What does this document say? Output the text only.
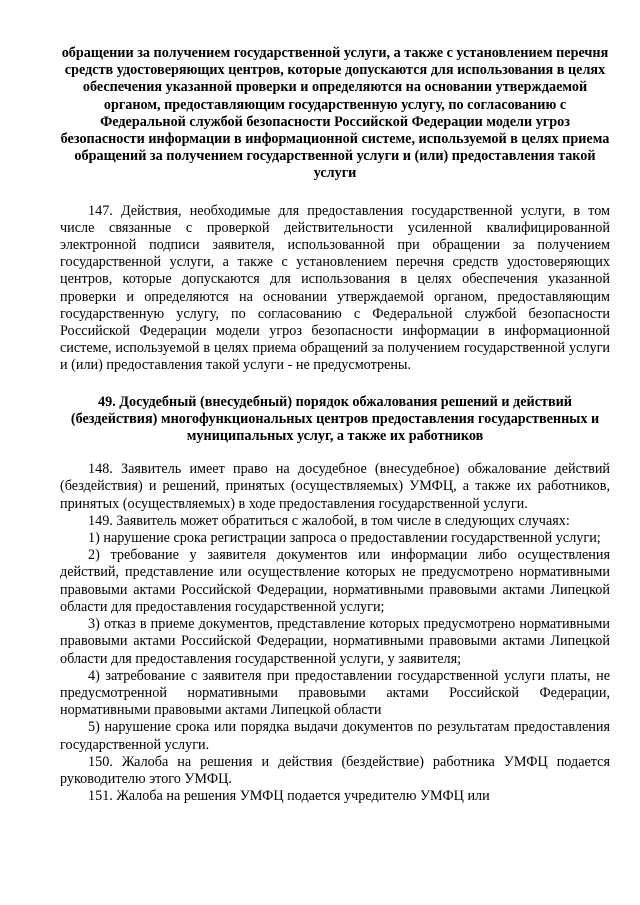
обращении за получением государственной услуги, а также с установлением перечня средств удостоверяющих центров, которые допускаются для использования в целях обеспечения указанной проверки и определяются на основании утверждаемой органом, предоставляющим государственную услугу, по согласованию с Федеральной службой безопасности Российской Федерации модели угроз безопасности информации в информационной системе, используемой в целях приема обращений за получением государственной услуги и (или) предоставления такой услуги

147. Действия, необходимые для предоставления государственной услуги, в том числе связанные с проверкой действительности усиленной квалифицированной электронной подписи заявителя, использованной при обращении за получением государственной услуги, а также с установлением перечня средств удостоверяющих центров, которые допускаются для использования в целях обеспечения указанной проверки и определяются на основании утверждаемой органом, предоставляющим государственную услугу, по согласованию с Федеральной службой безопасности Российской Федерации модели угроз безопасности информации в информационной системе, используемой в целях приема обращений за получением государственной услуги и (или) предоставления такой услуги - не предусмотрены.

49. Досудебный (внесудебный) порядок обжалования решений и действий (бездействия) многофункциональных центров предоставления государственных и муниципальных услуг, а также их работников

148. Заявитель имеет право на досудебное (внесудебное) обжалование действий (бездействия) и решений, принятых (осуществляемых) УМФЦ, а также их работников, принятых (осуществляемых) в ходе предоставления государственной услуги.

149. Заявитель может обратиться с жалобой, в том числе в следующих случаях:

1) нарушение срока регистрации запроса о предоставлении государственной услуги;

2) требование у заявителя документов или информации либо осуществления действий, представление или осуществление которых не предусмотрено нормативными правовыми актами Российской Федерации, нормативными правовыми актами Липецкой области для предоставления государственной услуги;

3) отказ в приеме документов, представление которых предусмотрено нормативными правовыми актами Российской Федерации, нормативными правовыми актами Липецкой области для предоставления государственной услуги, у заявителя;

4) затребование с заявителя при предоставлении государственной услуги платы, не предусмотренной нормативными правовыми актами Российской Федерации, нормативными правовыми актами Липецкой области

5) нарушение срока или порядка выдачи документов по результатам предоставления государственной услуги.

150. Жалоба на решения и действия (бездействие) работника УМФЦ подается руководителю этого УМФЦ.

151. Жалоба на решения УМФЦ подается учредителю УМФЦ или
